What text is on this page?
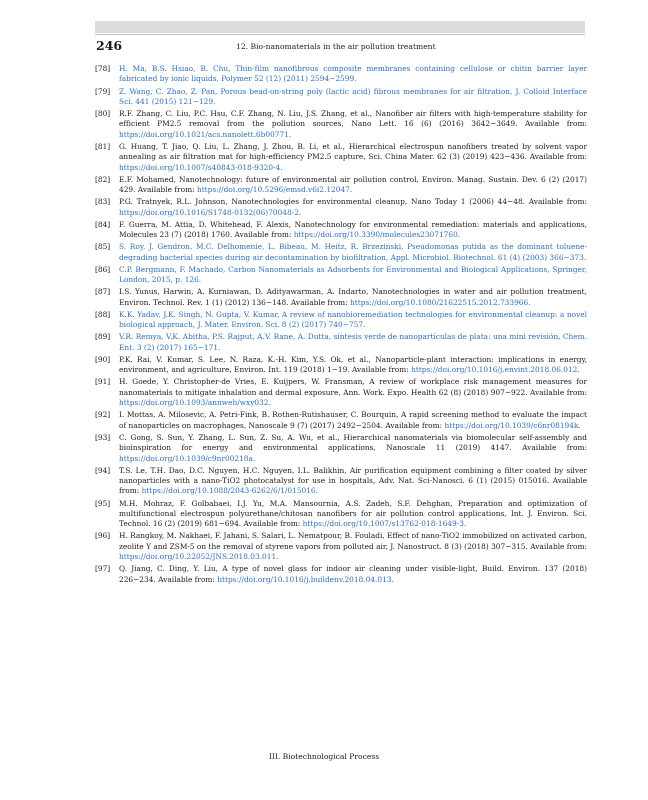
246	12. Bio-nanomaterials in the air pollution treatment
[78] H. Ma, B.S. Hsiao, B. Chu, Thin-film nanofibrous composite membranes containing cellulose or chitin barrier layer fabricated by ionic liquids, Polymer 52 (12) (2011) 2594−2599.
[79] Z. Wang, C. Zhao, Z. Pan, Porous bead-on-string poly (lactic acid) fibrous membranes for air filtration, J. Colloid Interface Sci. 441 (2015) 121−129.
[80] R.F. Zhang, C. Liu, P.C. Hsu, C.F. Zhang, N. Liu, J.S. Zhang, et al., Nanofiber air filters with high-temperature stability for efficient PM2.5 removal from the pollution sources, Nano Lett. 16 (6) (2016) 3642−3649. Available from: https://doi.org/10.1021/acs.nanolett.6b00771.
[81] G. Huang, T. Jiao, Q. Liu, L. Zhang, J. Zhou, B. Li, et al., Hierarchical electrospun nanofibers treated by solvent vapor annealing as air filtration mat for high-efficiency PM2.5 capture, Sci. China Mater. 62 (3) (2019) 423−436. Available from: https://doi.org/10.1007/s40843-018-9320-4.
[82] E.F. Mohamed, Nanotechnology: future of environmental air pollution control, Environ. Manag. Sustain. Dev. 6 (2) (2017) 429. Available from: https://doi.org/10.5296/emsd.v6i2.12047.
[83] P.G. Tratnyek, R.L. Johnson, Nanotechnologies for environmental cleanup, Nano Today 1 (2006) 44−48. Available from: https://doi.org/10.1016/S1748-0132(06)70048-2.
[84] F. Guerra, M. Attia, D. Whitehead, F. Alexis, Nanotechnology for environmental remediation: materials and applications, Molecules 23 (7) (2018) 1760. Available from: https://doi.org/10.3390/molecules23071760.
[85] S. Roy, J. Gendron, M.C. Delhomenie, L. Bibeau, M. Heitz, R. Brzezinski, Pseudomonas putida as the dominant toluene-degrading bacterial species during air decontamination by biofiltration, Appl. Microbiol. Biotechnol. 61 (4) (2003) 366−373.
[86] C.P. Bergmann, F. Machado, Carbon Nanomaterials as Adsorbents for Environmental and Biological Applications, Springer, London, 2015, p. 126.
[87] I.S. Yunus, Harwin, A. Kurniawan, D. Adityawarman, A. Indarto, Nanotechnologies in water and air pollution treatment, Environ. Technol. Rev. 1 (1) (2012) 136−148. Available from: https://doi.org/10.1080/21622515.2012.733966.
[88] K.K. Yadav, J.K. Singh, N. Gupta, V. Kumar, A review of nanobioremediation technologies for environmental cleanup: a novel biological approach, J. Mater. Environ. Sci. 8 (2) (2017) 740−757.
[89] V.R. Remya, V.K. Abitha, P.S. Rajput, A.V. Rane, A. Dutta, síntesis verde de nanopartículas de plata: una mini revisión, Chem. Ent. 3 (2) (2017) 165−171.
[90] P.K. Rai, V. Kumar, S. Lee, N. Raza, K.-H. Kim, Y.S. Ok, et al., Nanoparticle-plant interaction: implications in energy, environment, and agriculture, Environ. Int. 119 (2018) 1−19. Available from: https://doi.org/10.1016/j.envint.2018.06.012.
[91] H. Goede, Y. Christopher-de Vries, E. Kuijpers, W. Fransman, A review of workplace risk management measures for nanomaterials to mitigate inhalation and dermal exposure, Ann. Work. Expo. Health 62 (8) (2018) 907−922. Available from: https://doi.org/10.1093/annweh/wxy032.
[92] I. Mottas, A. Milosevic, A. Petri-Fink, B. Rothen-Rutishauser, C. Bourquin, A rapid screening method to evaluate the impact of nanoparticles on macrophages, Nanoscale 9 (7) (2017) 2492−2504. Available from: https://doi.org/10.1039/c6nr08194k.
[93] C. Gong, S. Sun, Y. Zhang, L. Sun, Z. Su, A. Wu, et al., Hierarchical nanomaterials via biomolecular self-assembly and bioinspiration for energy and environmental applications, Nanoscale 11 (2019) 4147. Available from: https://doi.org/10.1039/c9nr00218a.
[94] T.S. Le, T.H. Dao, D.C. Nguyen, H.C. Nguyen, I.L. Balikhin, Air purification equipment combining a filter coated by silver nanoparticles with a nano-TiO2 photocatalyst for use in hospitals, Adv. Nat. Sci-Nanosci. 6 (1) (2015) 015016. Available from: https://doi.org/10.1088/2043-6262/6/1/015016.
[95] M.H. Mohraz, F. Golbabaei, I.J. Yu, M.A. Mansournia, A.S. Zadeh, S.F. Dehghan, Preparation and optimization of multifunctional electrospun polyurethane/chitosan nanofibers for air pollution control applications, Int. J. Environ. Sci. Technol. 16 (2) (2019) 681−694. Available from: https://doi.org/10.1007/s13762-018-1649-3.
[96] H. Rangkoy, M. Nakhaei, F. Jahani, S. Salari, L. Nematpour, B. Fouladi, Effect of nano-TiO2 immobilized on activated carbon, zeolite Y and ZSM-5 on the removal of styrene vapors from polluted air, J. Nanostruct. 8 (3) (2018) 307−315. Available from: https://doi.org/10.22052/JNS.2018.03.011.
[97] Q. Jiang, C. Ding, Y. Liu, A type of novel glass for indoor air cleaning under visible-light, Build. Environ. 137 (2018) 226−234. Available from: https://doi.org/10.1016/j.buildenv.2018.04.013.
III. Biotechnological Process
